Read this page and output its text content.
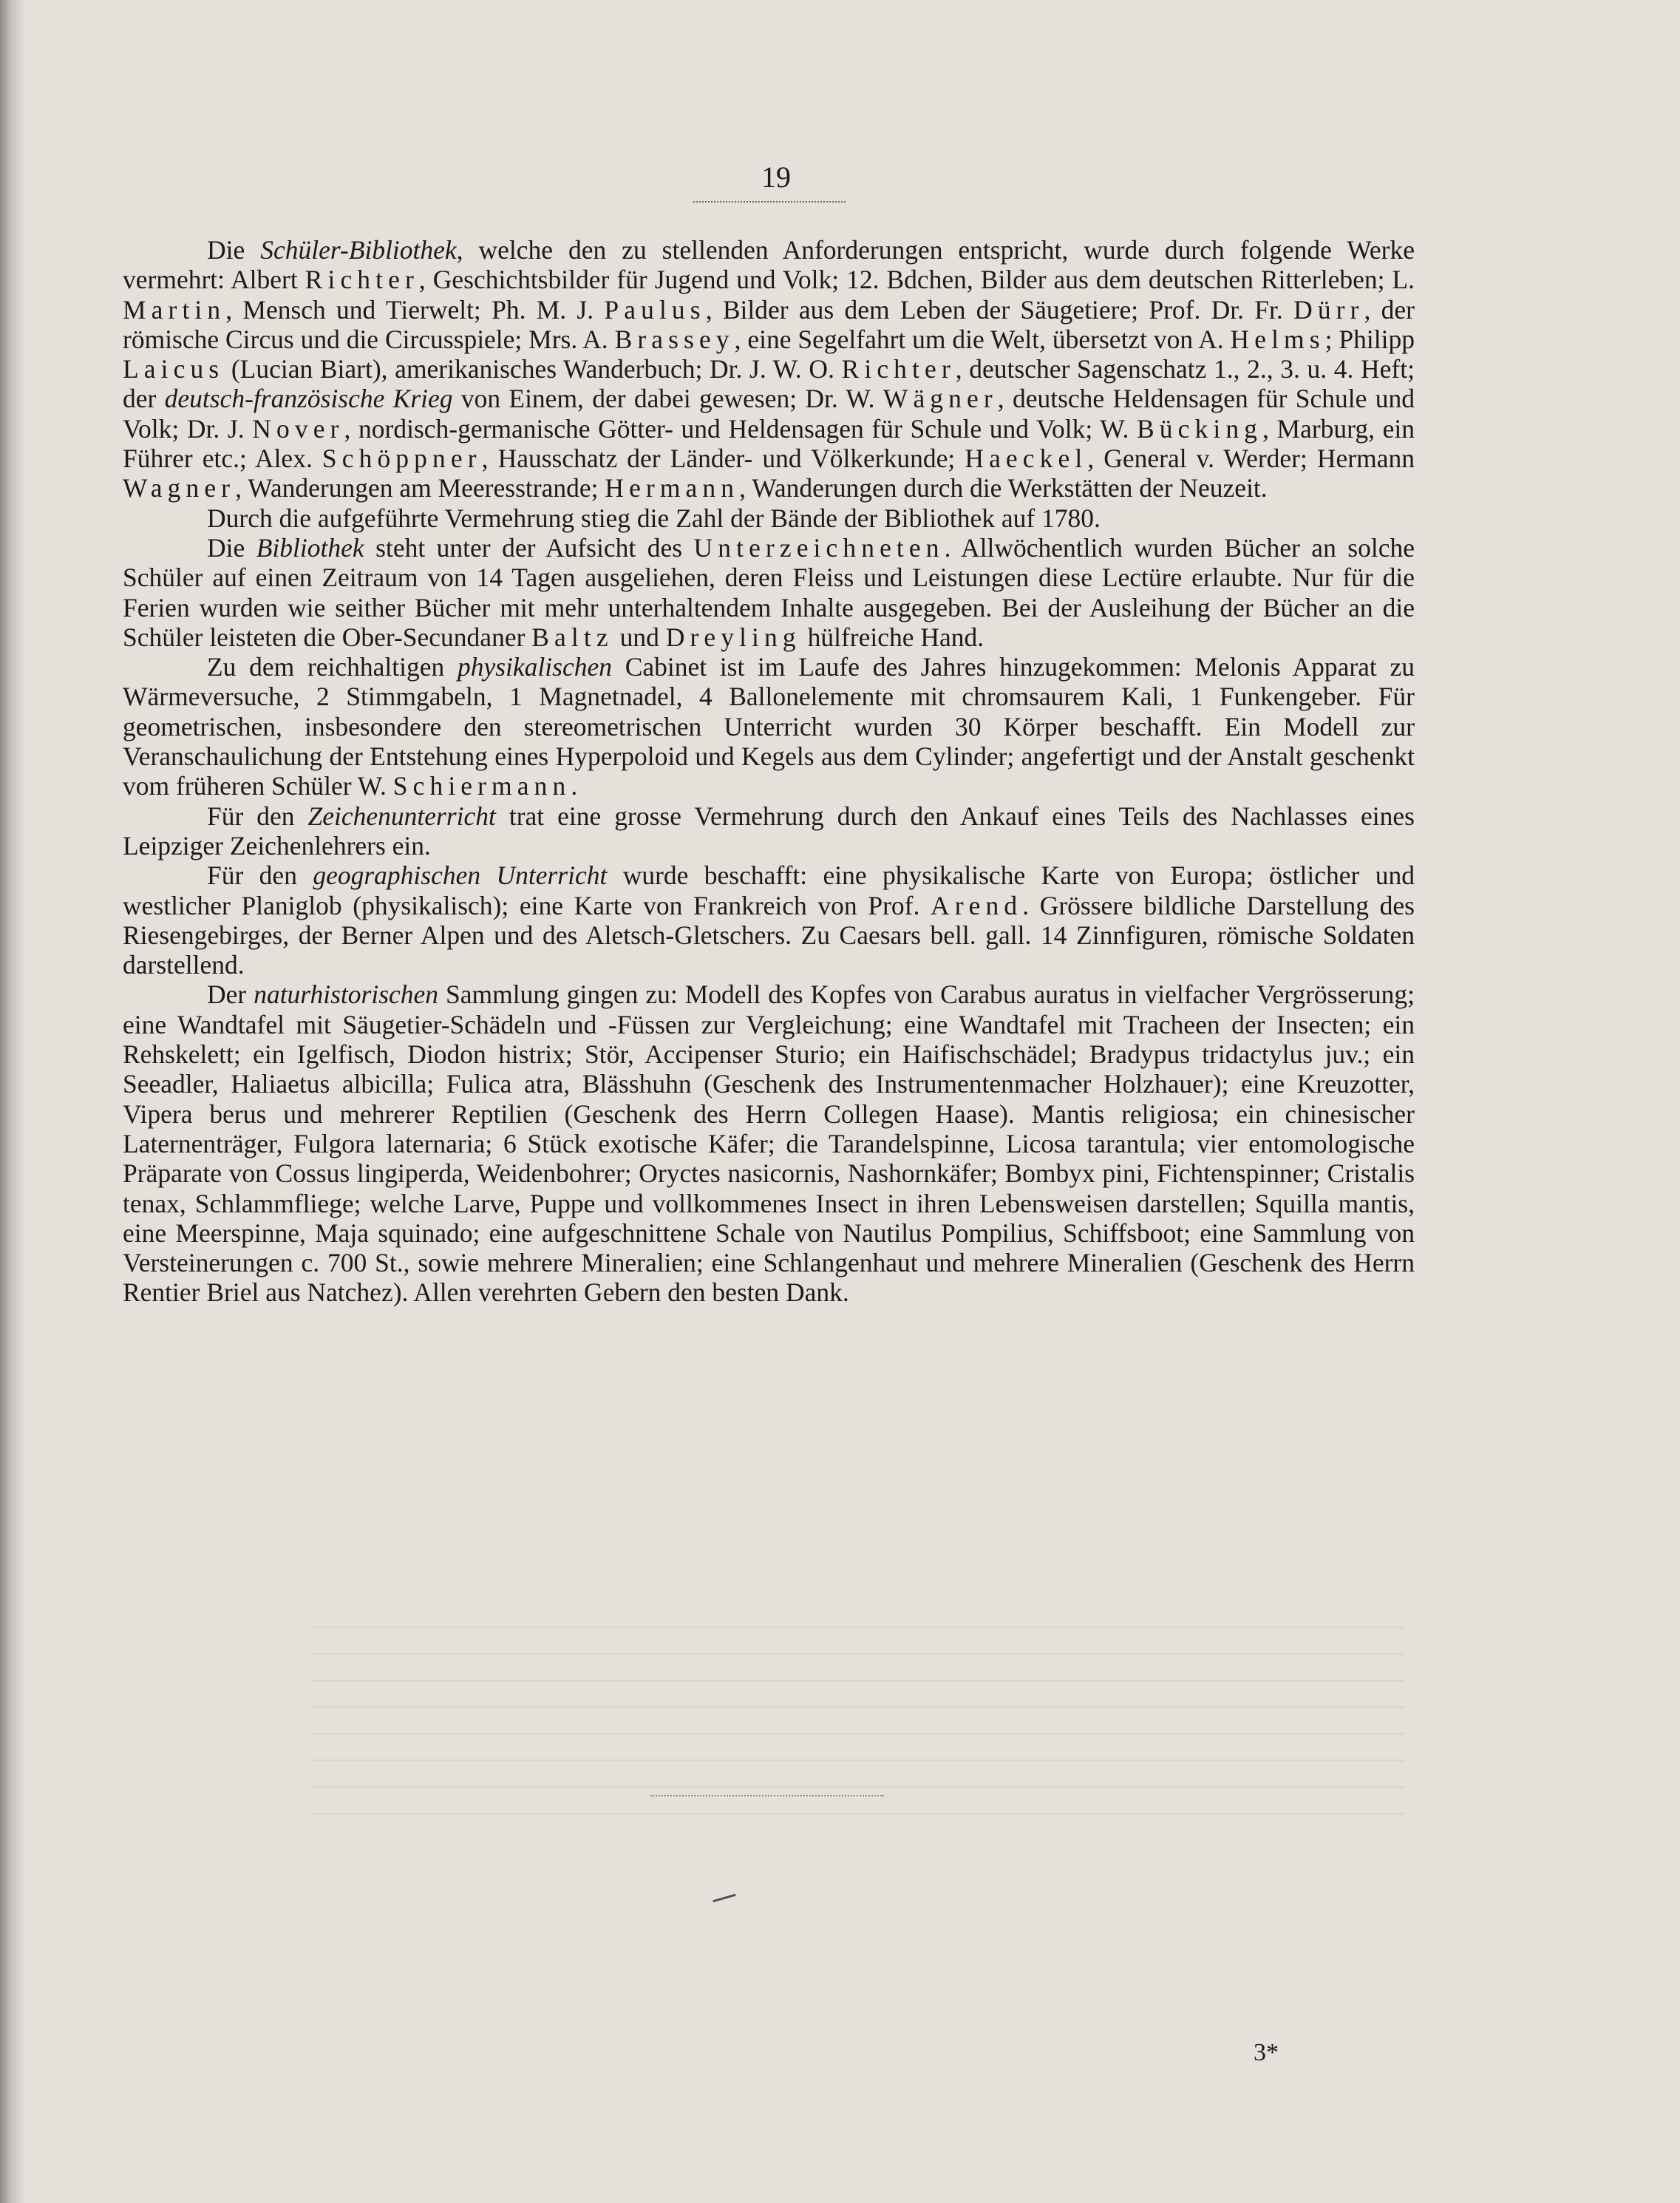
19

Die Schüler-Bibliothek, welche den zu stellenden Anforderungen entspricht, wurde durch folgende Werke vermehrt: Albert Richter, Geschichtsbilder für Jugend und Volk; 12. Bdchen, Bilder aus dem deutschen Ritterleben; L. Martin, Mensch und Tierwelt; Ph. M. J. Paulus, Bilder aus dem Leben der Säugetiere; Prof. Dr. Fr. Dürr, der römische Circus und die Circusspiele; Mrs. A. Brassey, eine Segelfahrt um die Welt, übersetzt von A. Helms; Philipp Laicus (Lucian Biart), amerikanisches Wanderbuch; Dr. J. W. O. Richter, deutscher Sagenschatz 1., 2., 3. u. 4. Heft; der deutsch-französische Krieg von Einem, der dabei gewesen; Dr. W. Wägner, deutsche Heldensagen für Schule und Volk; Dr. J. Nover, nordisch-germanische Götter- und Heldensagen für Schule und Volk; W. Bücking, Marburg, ein Führer etc.; Alex. Schöppner, Hausschatz der Länder- und Völkerkunde; Haeckel, General v. Werder; Hermann Wagner, Wanderungen am Meeresstrande; Hermann, Wanderungen durch die Werkstätten der Neuzeit.

Durch die aufgeführte Vermehrung stieg die Zahl der Bände der Bibliothek auf 1780.

Die Bibliothek steht unter der Aufsicht des Unterzeichneten. Allwöchentlich wurden Bücher an solche Schüler auf einen Zeitraum von 14 Tagen ausgeliehen, deren Fleiss und Leistungen diese Lectüre erlaubte. Nur für die Ferien wurden wie seither Bücher mit mehr unterhaltendem Inhalte ausgegeben. Bei der Ausleihung der Bücher an die Schüler leisteten die Ober-Secundaner Baltz und Dreyling hülfreiche Hand.

Zu dem reichhaltigen physikalischen Cabinet ist im Laufe des Jahres hinzugekommen: Melonis Apparat zu Wärmeversuche, 2 Stimmgabeln, 1 Magnetnadel, 4 Ballonelemente mit chromsaurem Kali, 1 Funkengeber. Für geometrischen, insbesondere den stereometrischen Unterricht wurden 30 Körper beschafft. Ein Modell zur Veranschaulichung der Entstehung eines Hyperpoloid und Kegels aus dem Cylinder; angefertigt und der Anstalt geschenkt vom früheren Schüler W. Schiermann.

Für den Zeichenunterricht trat eine grosse Vermehrung durch den Ankauf eines Teils des Nachlasses eines Leipziger Zeichenlehrers ein.

Für den geographischen Unterricht wurde beschafft: eine physikalische Karte von Europa; östlicher und westlicher Planiglob (physikalisch); eine Karte von Frankreich von Prof. Arend. Grössere bildliche Darstellung des Riesengebirges, der Berner Alpen und des Aletsch-Gletschers. Zu Caesars bell. gall. 14 Zinnfiguren, römische Soldaten darstellend.

Der naturhistorischen Sammlung gingen zu: Modell des Kopfes von Carabus auratus in vielfacher Vergrösserung; eine Wandtafel mit Säugetier-Schädeln und -Füssen zur Vergleichung; eine Wandtafel mit Tracheen der Insecten; ein Rehskelett; ein Igelfisch, Diodon histrix; Stör, Accipenser Sturio; ein Haifischschädel; Bradypus tridactylus juv.; ein Seeadler, Haliaetus albicilla; Fulica atra, Blässhuhn (Geschenk des Instrumentenmacher Holzhauer); eine Kreuzotter, Vipera berus und mehrerer Reptilien (Geschenk des Herrn Collegen Haase). Mantis religiosa; ein chinesischer Laternenträger, Fulgora laternaria; 6 Stück exotische Käfer; die Tarandelspinne, Licosa tarantula; vier entomologische Präparate von Cossus lingiperda, Weidenbohrer; Oryctes nasicornis, Nashornkäfer; Bombyx pini, Fichtenspinner; Cristalis tenax, Schlammfliege; welche Larve, Puppe und vollkommenes Insect in ihren Lebensweisen darstellen; Squilla mantis, eine Meerspinne, Maja squinado; eine aufgeschnittene Schale von Nautilus Pompilius, Schiffsboot; eine Sammlung von Versteinerungen c. 700 St., sowie mehrere Mineralien; eine Schlangenhaut und mehrere Mineralien (Geschenk des Herrn Rentier Briel aus Natchez). Allen verehrten Gebern den besten Dank.

3*
